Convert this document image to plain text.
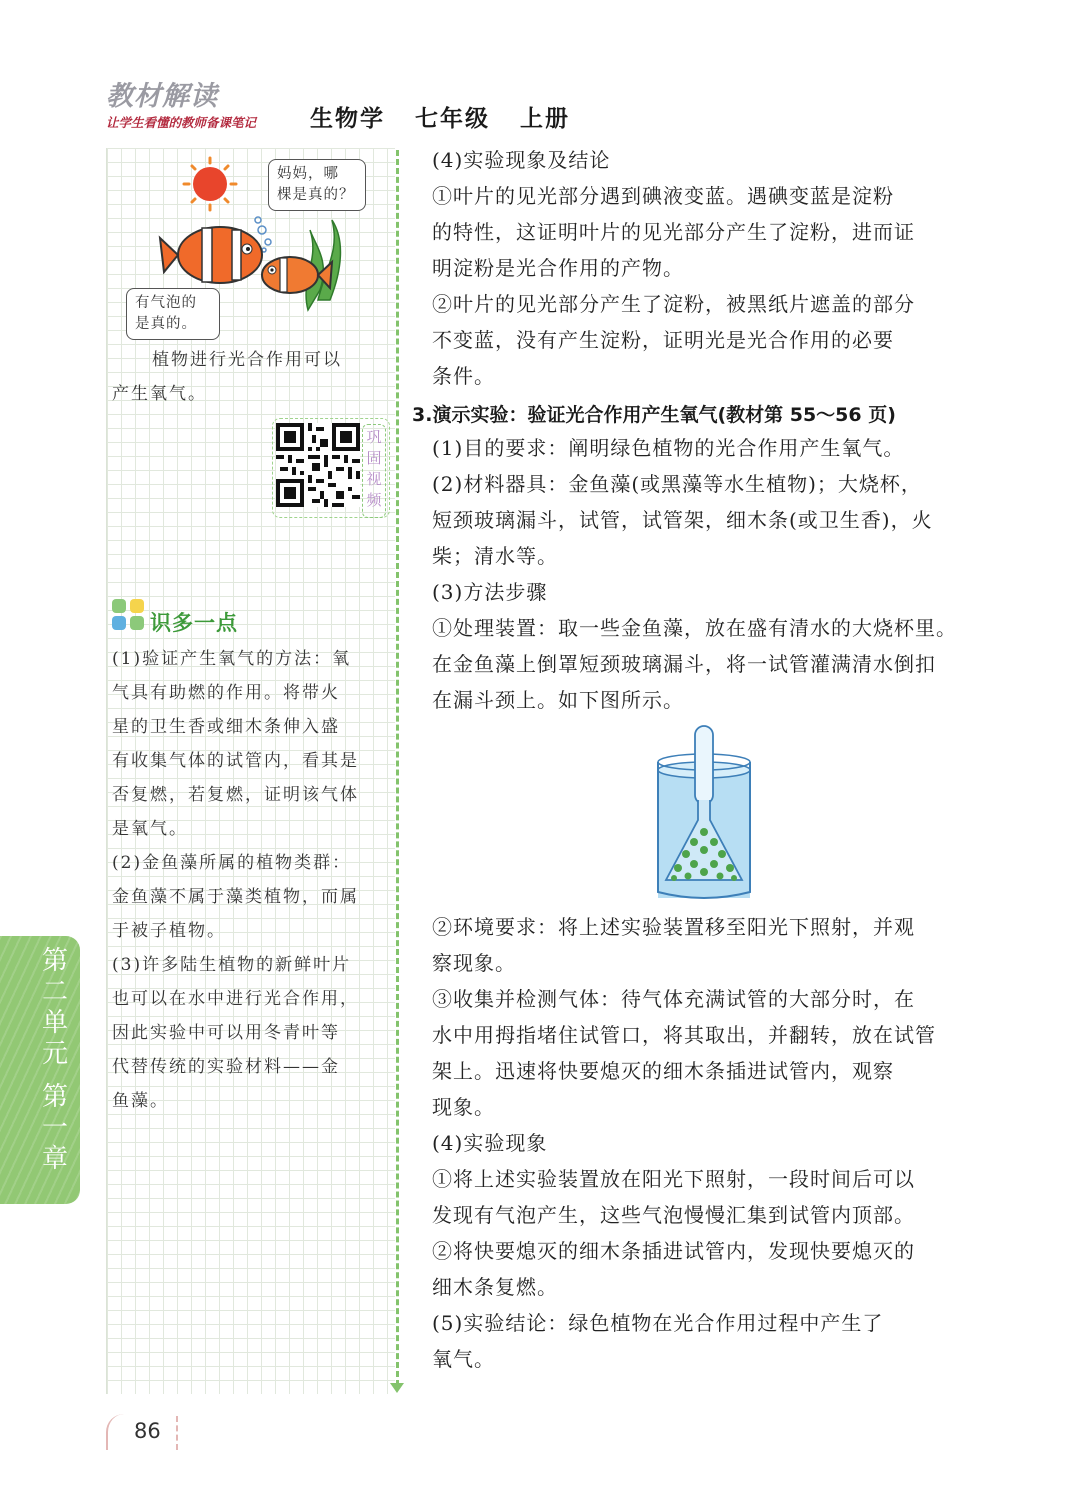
教材解读
让学生看懂的教师备课笔记 生物学   七年级   上册
妈妈，哪
棵是真的？
有气泡的
是真的。
植物进行光合作用可以
产生氧气。
巩
固
视
频
识多一点
(1)验证产生氧气的方法：氧
气具有助燃的作用。将带火
星的卫生香或细木条伸入盛
有收集气体的试管内，看其是
否复燃，若复燃，证明该气体
是氧气。
(2)金鱼藻所属的植物类群：
金鱼藻不属于藻类植物，而属
于被子植物。
(3)许多陆生植物的新鲜叶片
也可以在水中进行光合作用，
因此实验中可以用冬青叶等
代替传统的实验材料——金
鱼藻。
第
二
单
元
第
一
章
86
(4)实验现象及结论
①叶片的见光部分遇到碘液变蓝。遇碘变蓝是淀粉
的特性，这证明叶片的见光部分产生了淀粉，进而证
明淀粉是光合作用的产物。
②叶片的见光部分产生了淀粉，被黑纸片遮盖的部分
不变蓝，没有产生淀粉，证明光是光合作用的必要
条件。
3.演示实验：验证光合作用产生氧气(教材第 55～56 页)
(1)目的要求：阐明绿色植物的光合作用产生氧气。
(2)材料器具：金鱼藻(或黑藻等水生植物)；大烧杯，
短颈玻璃漏斗，试管，试管架，细木条(或卫生香)，火
柴；清水等。
(3)方法步骤
①处理装置：取一些金鱼藻，放在盛有清水的大烧杯里。
在金鱼藻上倒罩短颈玻璃漏斗，将一试管灌满清水倒扣
在漏斗颈上。如下图所示。
②环境要求：将上述实验装置移至阳光下照射，并观
察现象。
③收集并检测气体：待气体充满试管的大部分时，在
水中用拇指堵住试管口，将其取出，并翻转，放在试管
架上。迅速将快要熄灭的细木条插进试管内，观察
现象。
(4)实验现象
①将上述实验装置放在阳光下照射，一段时间后可以
发现有气泡产生，这些气泡慢慢汇集到试管内顶部。
②将快要熄灭的细木条插进试管内，发现快要熄灭的
细木条复燃。
(5)实验结论：绿色植物在光合作用过程中产生了
氧气。
